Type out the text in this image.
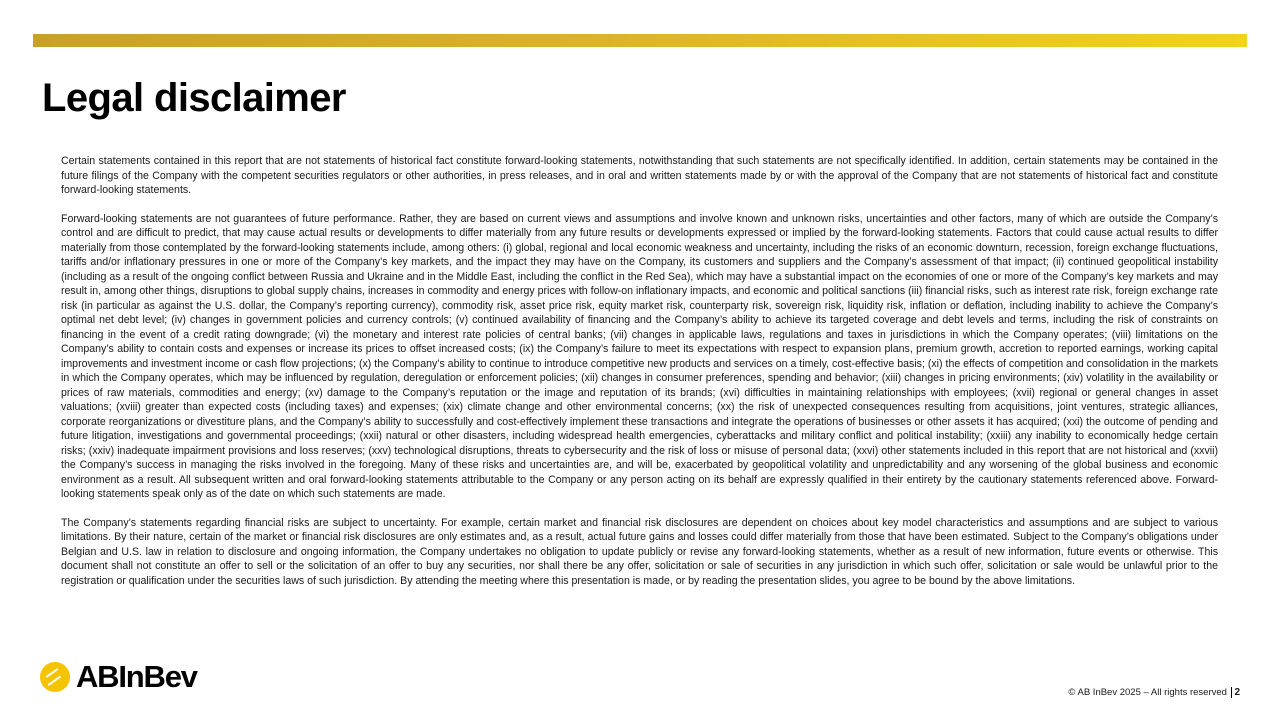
Legal disclaimer

Certain statements contained in this report that are not statements of historical fact constitute forward-looking statements, notwithstanding that such statements are not specifically identified. In addition, certain statements may be contained in the future filings of the Company with the competent securities regulators or other authorities, in press releases, and in oral and written statements made by or with the approval of the Company that are not statements of historical fact and constitute forward-looking statements.

Forward-looking statements are not guarantees of future performance. Rather, they are based on current views and assumptions and involve known and unknown risks, uncertainties and other factors, many of which are outside the Company’s control and are difficult to predict, that may cause actual results or developments to differ materially from any future results or developments expressed or implied by the forward-looking statements. Factors that could cause actual results to differ materially from those contemplated by the forward-looking statements include, among others: (i) global, regional and local economic weakness and uncertainty, including the risks of an economic downturn, recession, foreign exchange fluctuations, tariffs and/or inflationary pressures in one or more of the Company’s key markets, and the impact they may have on the Company, its customers and suppliers and the Company’s assessment of that impact; (ii) continued geopolitical instability (including as a result of the ongoing conflict between Russia and Ukraine and in the Middle East, including the conflict in the Red Sea), which may have a substantial impact on the economies of one or more of the Company’s key markets and may result in, among other things, disruptions to global supply chains, increases in commodity and energy prices with follow-on inflationary impacts, and economic and political sanctions (iii) financial risks, such as interest rate risk, foreign exchange rate risk (in particular as against the U.S. dollar, the Company’s reporting currency), commodity risk, asset price risk, equity market risk, counterparty risk, sovereign risk, liquidity risk, inflation or deflation, including inability to achieve the Company’s optimal net debt level; (iv) changes in government policies and currency controls; (v) continued availability of financing and the Company’s ability to achieve its targeted coverage and debt levels and terms, including the risk of constraints on financing in the event of a credit rating downgrade; (vi) the monetary and interest rate policies of central banks; (vii) changes in applicable laws, regulations and taxes in jurisdictions in which the Company operates; (viii) limitations on the Company’s ability to contain costs and expenses or increase its prices to offset increased costs; (ix) the Company’s failure to meet its expectations with respect to expansion plans, premium growth, accretion to reported earnings, working capital improvements and investment income or cash flow projections; (x) the Company’s ability to continue to introduce competitive new products and services on a timely, cost-effective basis; (xi) the effects of competition and consolidation in the markets in which the Company operates, which may be influenced by regulation, deregulation or enforcement policies; (xii) changes in consumer preferences, spending and behavior; (xiii) changes in pricing environments; (xiv) volatility in the availability or prices of raw materials, commodities and energy; (xv) damage to the Company’s reputation or the image and reputation of its brands; (xvi) difficulties in maintaining relationships with employees; (xvii) regional or general changes in asset valuations; (xviii) greater than expected costs (including taxes) and expenses; (xix) climate change and other environmental concerns; (xx) the risk of unexpected consequences resulting from acquisitions, joint ventures, strategic alliances, corporate reorganizations or divestiture plans, and the Company’s ability to successfully and cost-effectively implement these transactions and integrate the operations of businesses or other assets it has acquired; (xxi) the outcome of pending and future litigation, investigations and governmental proceedings; (xxii) natural or other disasters, including widespread health emergencies, cyberattacks and military conflict and political instability; (xxiii) any inability to economically hedge certain risks; (xxiv) inadequate impairment provisions and loss reserves; (xxv) technological disruptions, threats to cybersecurity and the risk of loss or misuse of personal data; (xxvi) other statements included in this report that are not historical and (xxvii) the Company’s success in managing the risks involved in the foregoing. Many of these risks and uncertainties are, and will be, exacerbated by geopolitical volatility and unpredictability and any worsening of the global business and economic environment as a result. All subsequent written and oral forward-looking statements attributable to the Company or any person acting on its behalf are expressly qualified in their entirety by the cautionary statements referenced above. Forward-looking statements speak only as of the date on which such statements are made.

The Company’s statements regarding financial risks are subject to uncertainty. For example, certain market and financial risk disclosures are dependent on choices about key model characteristics and assumptions and are subject to various limitations. By their nature, certain of the market or financial risk disclosures are only estimates and, as a result, actual future gains and losses could differ materially from those that have been estimated. Subject to the Company’s obligations under Belgian and U.S. law in relation to disclosure and ongoing information, the Company undertakes no obligation to update publicly or revise any forward-looking statements, whether as a result of new information, future events or otherwise. This document shall not constitute an offer to sell or the solicitation of an offer to buy any securities, nor shall there be any offer, solicitation or sale of securities in any jurisdiction in which such offer, solicitation or sale would be unlawful prior to the registration or qualification under the securities laws of such jurisdiction. By attending the meeting where this presentation is made, or by reading the presentation slides, you agree to be bound by the above limitations.

ABInBev	© AB InBev 2025 – All rights reserved 2
